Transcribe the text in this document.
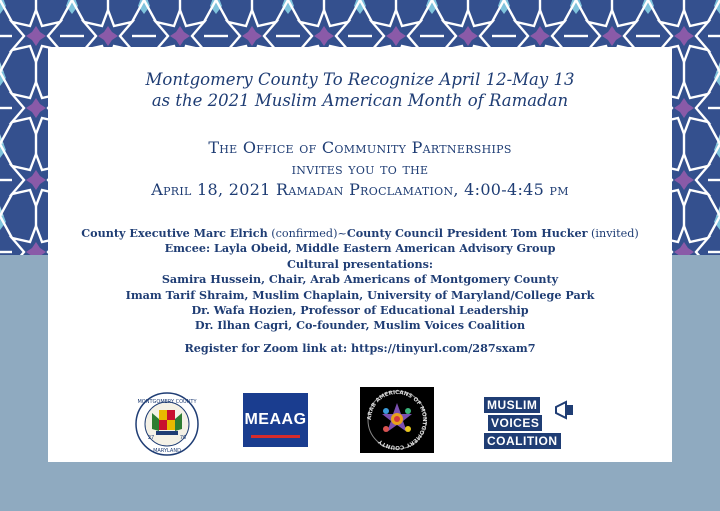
Montgomery County To Recognize April 12-May 13
as the 2021 Muslim American Month of Ramadan
The Office of Community Partnerships
invites you to the
April 18, 2021 Ramadan Proclamation, 4:00-4:45 pm
County Executive Marc Elrich (confirmed)~County Council President Tom Hucker (invited)
Emcee: Layla Obeid, Middle Eastern American Advisory Group
Cultural presentations:
Samira Hussein, Chair, Arab Americans of Montgomery County
Imam Tarif Shraim, Muslim Chaplain, University of Maryland/College Park
Dr. Wafa Hozien, Professor of Educational Leadership
Dr. Ilhan Cagri, Co-founder, Muslim Voices Coalition
Register for Zoom link at: https://tinyurl.com/287sxam7
MONTGOMERY COUNTY
MARYLAND
27	76
MEAAG	ARAB AMERICANS OF MONTGOMERY COUNTY
MUSLIM
VOICES
COALITION
